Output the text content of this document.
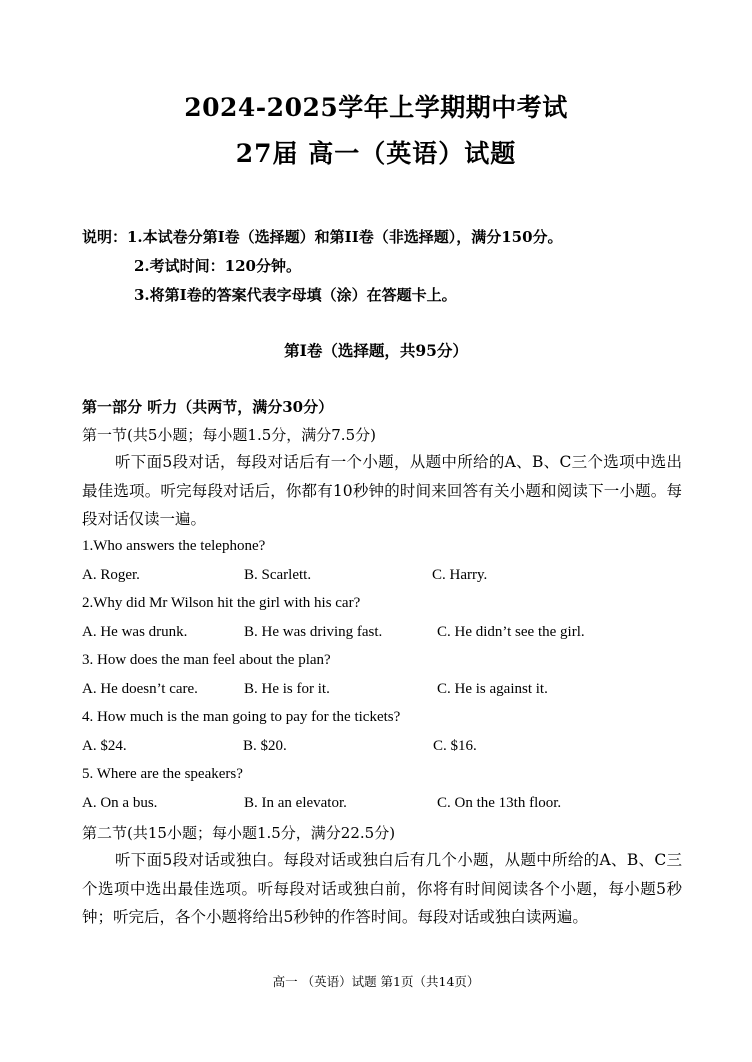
2024-2025学年上学期期中考试
27届 高一（英语）试题
说明：1.本试卷分第I卷（选择题）和第II卷（非选择题），满分150分。
2.考试时间：120分钟。
3.将第I卷的答案代表字母填（涂）在答题卡上。
第I卷（选择题，共95分）
第一部分 听力（共两节，满分30分）
第一节(共5小题；每小题1.5分，满分7.5分)

听下面5段对话，每段对话后有一个小题，从题中所给的A、B、C三个选项中选出最佳选项。听完每段对话后，你都有10秒钟的时间来回答有关小题和阅读下一小题。每段对话仅读一遍。

1.Who answers the telephone?
A. Roger.	B. Scarlett.	C. Harry.
2.Why did Mr Wilson hit the girl with his car?
A. He was drunk.	B. He was driving fast.	C. He didn’t see the girl.
3. How does the man feel about the plan?
A. He doesn’t care.	B. He is for it.	C. He is against it.
4. How much is the man going to pay for the tickets?
A. $24.	B. $20.	C. $16.
5. Where are the speakers?
A. On a bus.	B. In an elevator.	C. On the 13th floor.
第二节(共15小题；每小题1.5分，满分22.5分)

听下面5段对话或独白。每段对话或独白后有几个小题，从题中所给的A、B、C三个选项中选出最佳选项。听每段对话或独白前，你将有时间阅读各个小题，每小题5秒钟；听完后，各个小题将给出5秒钟的作答时间。每段对话或独白读两遍。

高一 （英语）试题 第1页（共14页）
